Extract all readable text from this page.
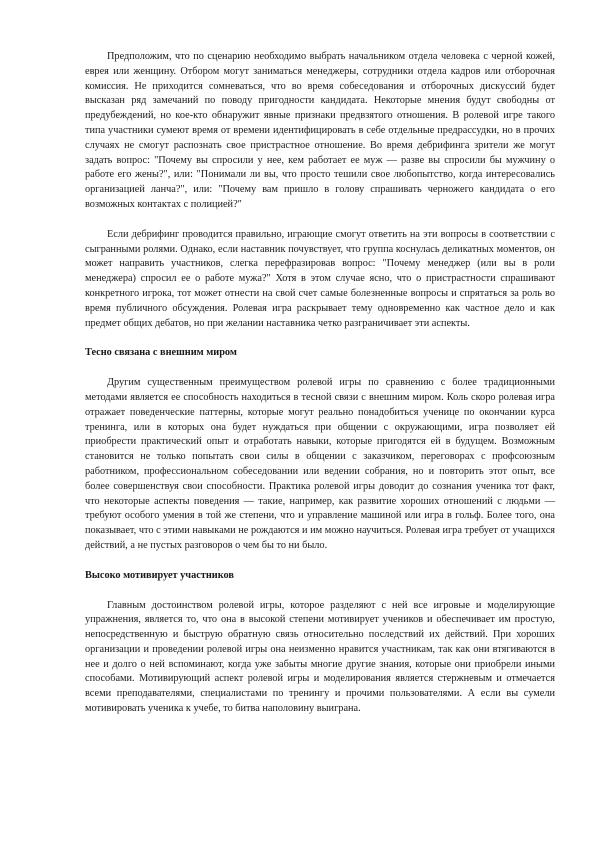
Предположим, что по сценарию необходимо выбрать начальником отдела человека с черной кожей, еврея или женщину. Отбором могут заниматься менеджеры, сотрудники отдела кадров или отборочная комиссия. Не приходится сомневаться, что во время собеседования и отборочных дискуссий будет высказан ряд замечаний по поводу пригодности кандидата. Некоторые мнения будут свободны от предубеждений, но кое-кто обнаружит явные признаки предвзятого отношения. В ролевой игре такого типа участники сумеют время от времени идентифицировать в себе отдельные предрассудки, но в прочих случаях не смогут распознать свое пристрастное отношение. Во время дебрифинга зрители же могут задать вопрос: "Почему вы спросили у нее, кем работает ее муж — разве вы спросили бы мужчину о работе его жены?", или: "Понимали ли вы, что просто тешили свое любопытство, когда интересовались организацией ланча?", или: "Почему вам пришло в голову спрашивать черножего кандидата о его возможных контактах с полицией?"

Если дебрифинг проводится правильно, играющие смогут ответить на эти вопросы в соответствии с сыгранными ролями. Однако, если наставник почувствует, что группа коснулась деликатных моментов, он может направить участников, слегка перефразировав вопрос: "Почему менеджер (или вы в роли менеджера) спросил ее о работе мужа?" Хотя в этом случае ясно, что о пристрастности спрашивают конкретного игрока, тот может отнести на свой счет самые болезненные вопросы и спрятаться за роль во время публичного обсуждения. Ролевая игра раскрывает тему одновременно как частное дело и как предмет общих дебатов, но при желании наставника четко разграничивает эти аспекты.

Тесно связана с внешним миром

Другим существенным преимуществом ролевой игры по сравнению с более традиционными методами является ее способность находиться в тесной связи с внешним миром. Коль скоро ролевая игра отражает поведенческие паттерны, которые могут реально понадобиться ученице по окончании курса тренинга, или в которых она будет нуждаться при общении с окружающими, игра позволяет ей приобрести практический опыт и отработать навыки, которые пригодятся ей в будущем. Возможным становится не только попытать свои силы в общении с заказчиком, переговорах с профсоюзным работником, профессиональном собеседовании или ведении собрания, но и повторить этот опыт, все более совершенствуя свои способности. Практика ролевой игры доводит до сознания ученика тот факт, что некоторые аспекты поведения — такие, например, как развитие хороших отношений с людьми — требуют особого умения в той же степени, что и управление машиной или игра в гольф. Более того, она показывает, что с этими навыками не рождаются и им можно научиться. Ролевая игра требует от учащихся действий, а не пустых разговоров о чем бы то ни было.

Высоко мотивирует участников

Главным достоинством ролевой игры, которое разделяют с ней все игровые и моделирующие упражнения, является то, что она в высокой степени мотивирует учеников и обеспечивает им простую, непосредственную и быструю обратную связь относительно последствий их действий. При хороших организации и проведении ролевой игры она неизменно нравится участникам, так как они втягиваются в нее и долго о ней вспоминают, когда уже забыты многие другие знания, которые они приобрели иными способами. Мотивирующий аспект ролевой игры и моделирования является стержневым и отмечается всеми преподавателями, специалистами по тренингу и прочими пользователями. А если вы сумели мотивировать ученика к учебе, то битва наполовину выиграна.
